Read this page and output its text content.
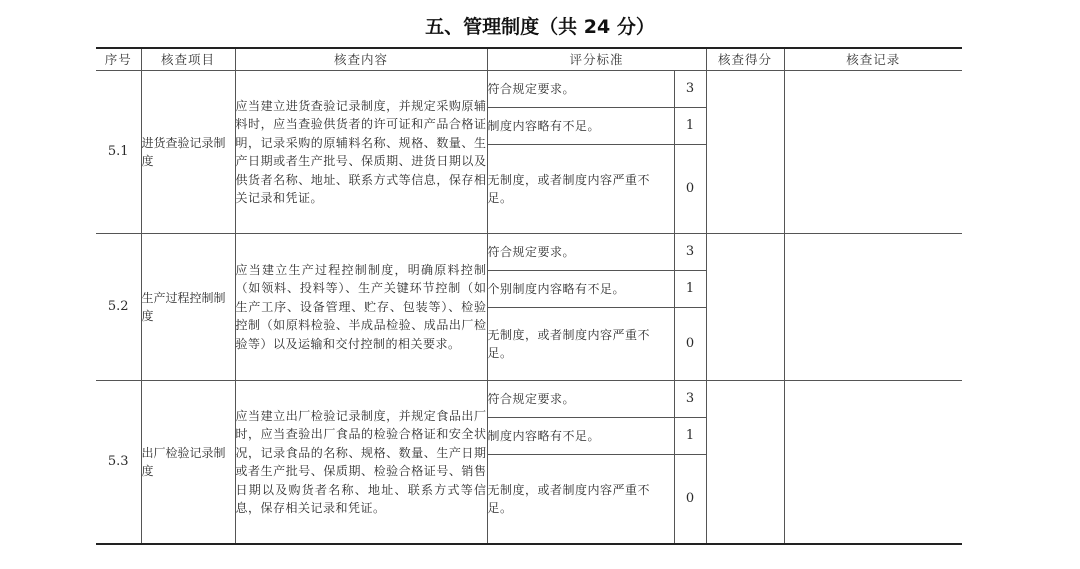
五、管理制度（共 24 分）
序号	核查项目	核查内容	评分标准		核查得分	核查记录
5.1	进货查验记录制度	应当建立进货查验记录制度，并规定采购原辅料时，应当查验供货者的许可证和产品合格证明，记录采购的原辅料名称、规格、数量、生产日期或者生产批号、保质期、进货日期以及供货者名称、地址、联系方式等信息，保存相关记录和凭证。	符合规定要求。	3		
			制度内容略有不足。	1		
			无制度，或者制度内容严重不足。	0		
5.2	生产过程控制制度	应当建立生产过程控制制度，明确原料控制（如领料、投料等）、生产关键环节控制（如生产工序、设备管理、贮存、包装等）、检验控制（如原料检验、半成品检验、成品出厂检验等）以及运输和交付控制的相关要求。	符合规定要求。	3		
			个别制度内容略有不足。	1		
			无制度，或者制度内容严重不足。	0		
5.3	出厂检验记录制度	应当建立出厂检验记录制度，并规定食品出厂时，应当查验出厂食品的检验合格证和安全状况，记录食品的名称、规格、数量、生产日期或者生产批号、保质期、检验合格证号、销售日期以及购货者名称、地址、联系方式等信息，保存相关记录和凭证。	符合规定要求。	3		
			制度内容略有不足。	1		
			无制度，或者制度内容严重不足。	0		
